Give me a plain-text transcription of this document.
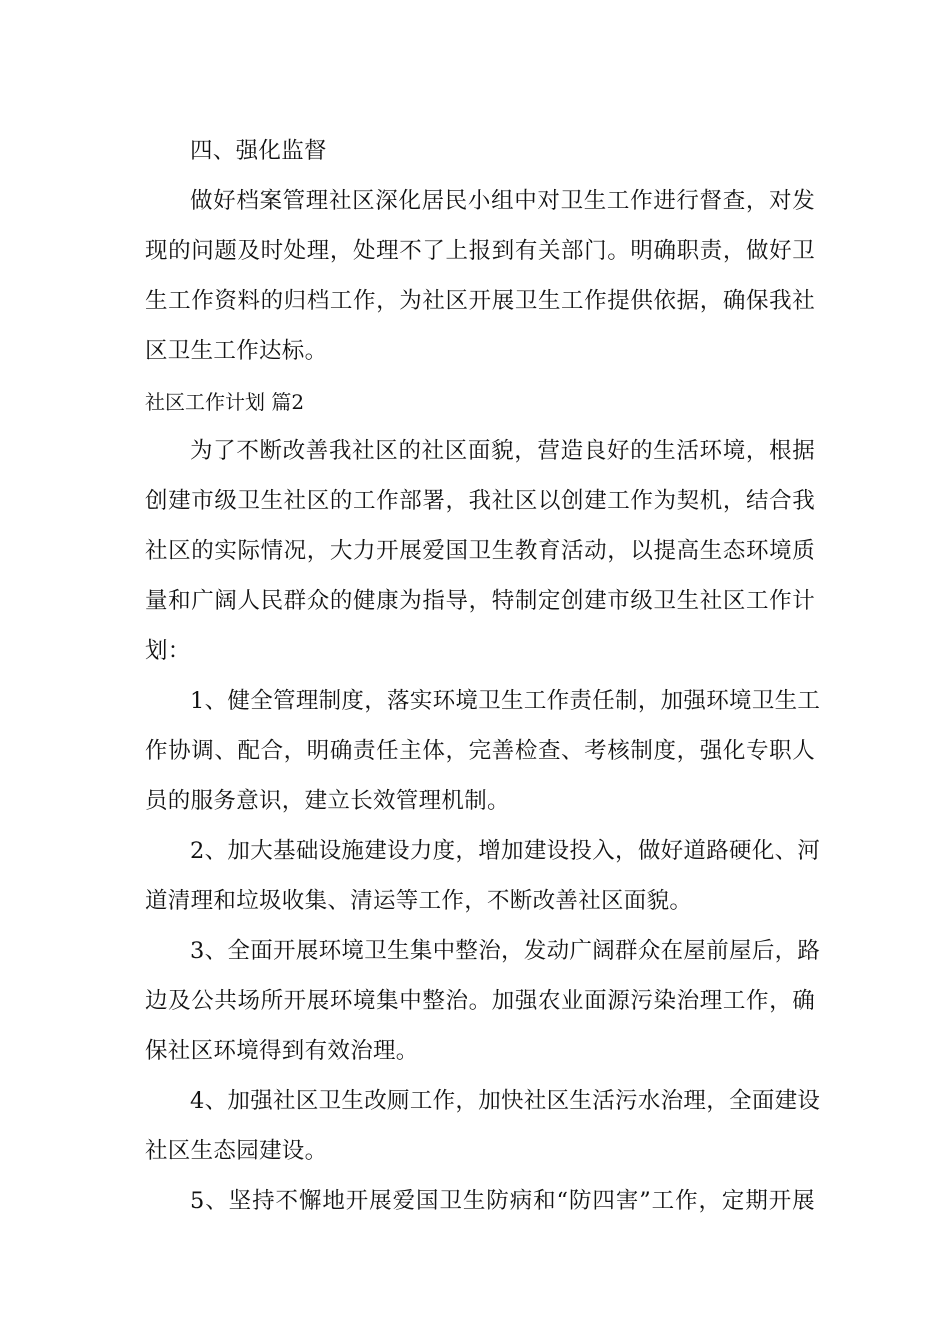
四、强化监督
做好档案管理社区深化居民小组中对卫生工作进行督查，对发
现的问题及时处理，处理不了上报到有关部门。明确职责，做好卫
生工作资料的归档工作，为社区开展卫生工作提供依据，确保我社
区卫生工作达标。
社区工作计划 篇2
为了不断改善我社区的社区面貌，营造良好的生活环境，根据
创建市级卫生社区的工作部署，我社区以创建工作为契机，结合我
社区的实际情况，大力开展爱国卫生教育活动，以提高生态环境质
量和广阔人民群众的健康为指导，特制定创建市级卫生社区工作计
划：
1、健全管理制度，落实环境卫生工作责任制，加强环境卫生工
作协调、配合，明确责任主体，完善检查、考核制度，强化专职人
员的服务意识，建立长效管理机制。
2、加大基础设施建设力度，增加建设投入，做好道路硬化、河
道清理和垃圾收集、清运等工作，不断改善社区面貌。
3、全面开展环境卫生集中整治，发动广阔群众在屋前屋后，路
边及公共场所开展环境集中整治。加强农业面源污染治理工作，确
保社区环境得到有效治理。
4、加强社区卫生改厕工作，加快社区生活污水治理，全面建设
社区生态园建设。
5、坚持不懈地开展爱国卫生防病和“防四害”工作，定期开展
